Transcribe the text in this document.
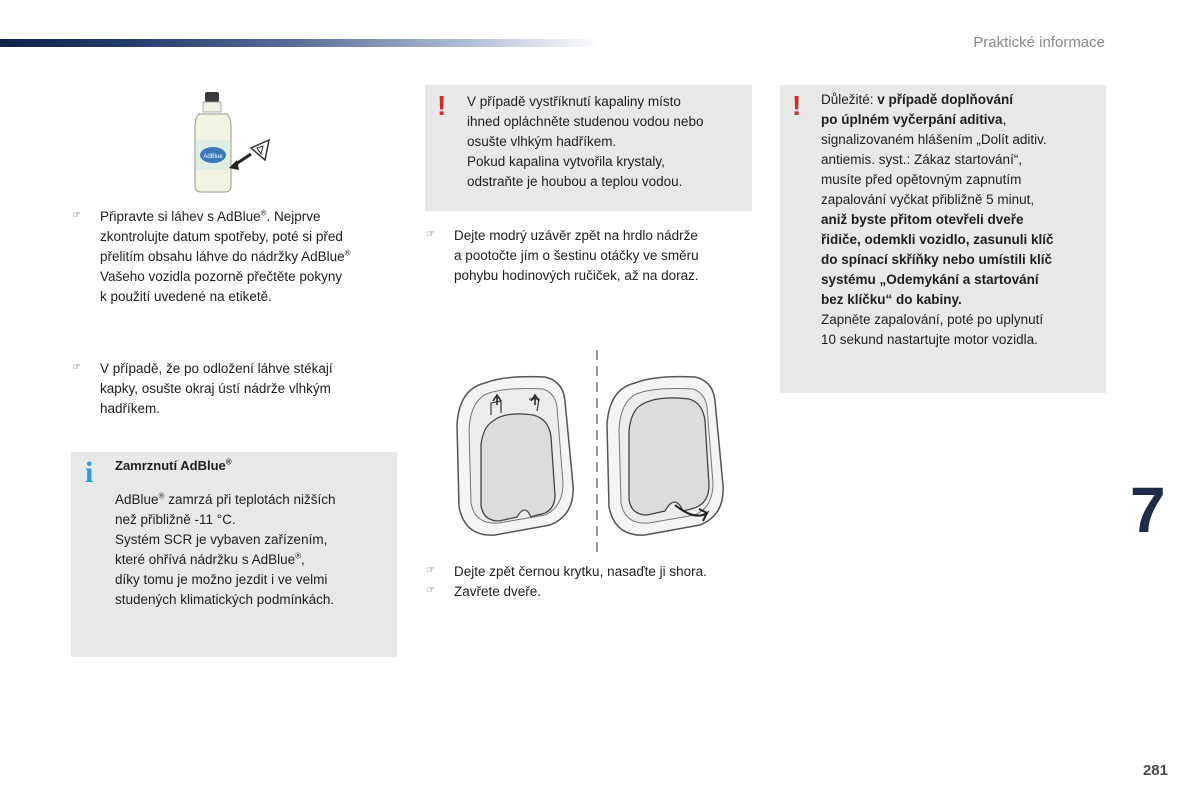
Praktické informace
AdBlue
☞	Připravte si láhev s AdBlue®. Nejprve
zkontrolujte datum spotřeby, poté si před
přelitím obsahu láhve do nádržky AdBlue®
Vašeho vozidla pozorně přečtěte pokyny
k použití uvedené na etiketě.
☞	V případě, že po odložení láhve stékají
kapky, osušte okraj ústí nádrže vlhkým
hadříkem.
i Zamrznutí AdBlue®
AdBlue® zamrzá při teplotách nižších
než přibližně -11 °C.
Systém SCR je vybaven zařízením,
které ohřívá nádržku s AdBlue®,
díky tomu je možno jezdit i ve velmi
studených klimatických podmínkách.
! V případě vystříknutí kapaliny místo
ihned opláchněte studenou vodou nebo
osušte vlhkým hadříkem.
Pokud kapalina vytvořila krystaly,
odstraňte je houbou a teplou vodou.
☞	Dejte modrý uzávěr zpět na hrdlo nádrže
a pootočte jím o šestinu otáčky ve směru
pohybu hodinových ručiček, až na doraz.
☞	Dejte zpět černou krytku, nasaďte ji shora.
☞	Zavřete dveře.
! Důležité: v případě doplňování
po úplném vyčerpání aditiva,
signalizovaném hlášením „Dolít aditiv.
antiemis. syst.: Zákaz startování“,
musíte před opětovným zapnutím
zapalování vyčkat přibližně 5 minut,
aniž byste přitom otevřeli dveře
řidiče, odemkli vozidlo, zasunuli klíč
do spínací skříňky nebo umístili klíč
systému „Odemykání a startování
bez klíčku“ do kabiny.
Zapněte zapalování, poté po uplynutí
10 sekund nastartujte motor vozidla.
7
281
